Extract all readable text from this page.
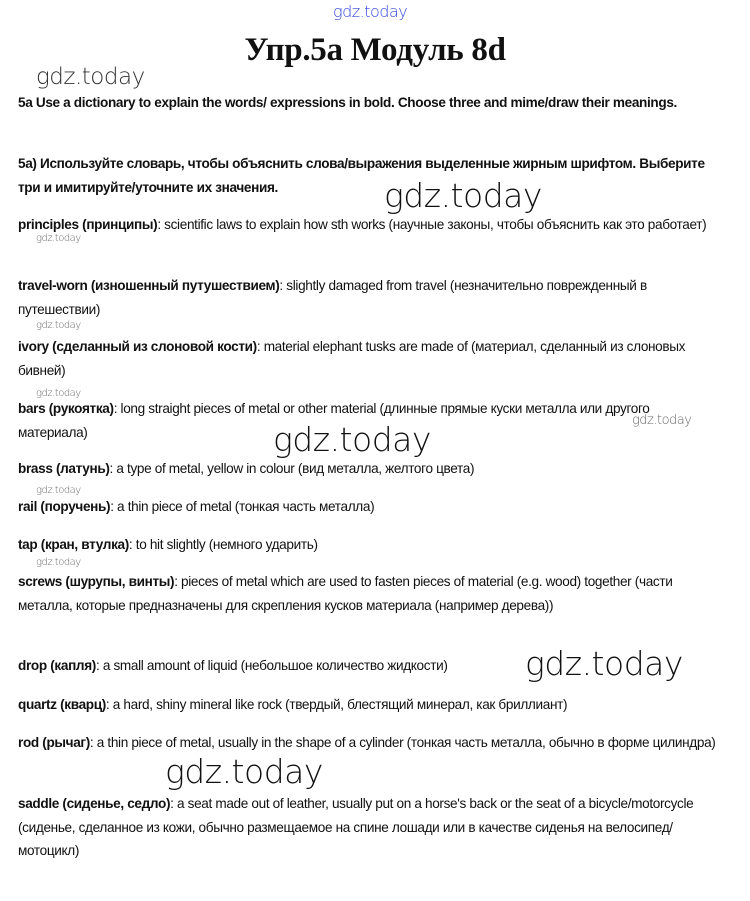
gdz.today
Упр.5а Модуль 8d
gdz.today
5a Use a dictionary to explain the words/ expressions in bold. Choose three and mime/draw their meanings.
5а) Используйте словарь, чтобы объяснить слова/выражения выделенные жирным шрифтом. Выберите три и имитируйте/уточните их значения.	gdz.today
principles (принципы): scientific laws to explain how sth works (научные законы, чтобы объяснить как это работает)
gdz.today
travel-worn (изношенный путушествием): slightly damaged from travel (незначительно поврежденный в путешествии)
gdz.today
ivory (сделанный из слоновой кости): material elephant tusks are made of (материал, сделанный из слоновых бивней)
gdz.today
bars (рукоятка): long straight pieces of metal or other material (длинные прямые куски металла или другого материала)
gdz.today
gdz.today
brass (латунь): a type of metal, yellow in colour (вид металла, желтого цвета)
gdz.today
rail (поручень): a thin piece of metal (тонкая часть металла)
tap (кран, втулка): to hit slightly (немного ударить)
gdz.today
screws (шурупы, винты): pieces of metal which are used to fasten pieces of material (e.g. wood) together (части металла, которые предназначены для скрепления кусков материала (например дерева))
drop (капля): a small amount of liquid (небольшое количество жидкости)	gdz.today
quartz (кварц): a hard, shiny mineral like rock (твердый, блестящий минерал, как бриллиант)
rod (рычаг): a thin piece of metal, usually in the shape of a cylinder (тонкая часть металла, обычно в форме цилиндра)
gdz.today
saddle (сиденье, седло): a seat made out of leather, usually put on a horse's back or the seat of a bicycle/motorcycle (сиденье, сделанное из кожи, обычно размещаемое на спине лошади или в качестве сиденья на велосипед/мотоцикл)
